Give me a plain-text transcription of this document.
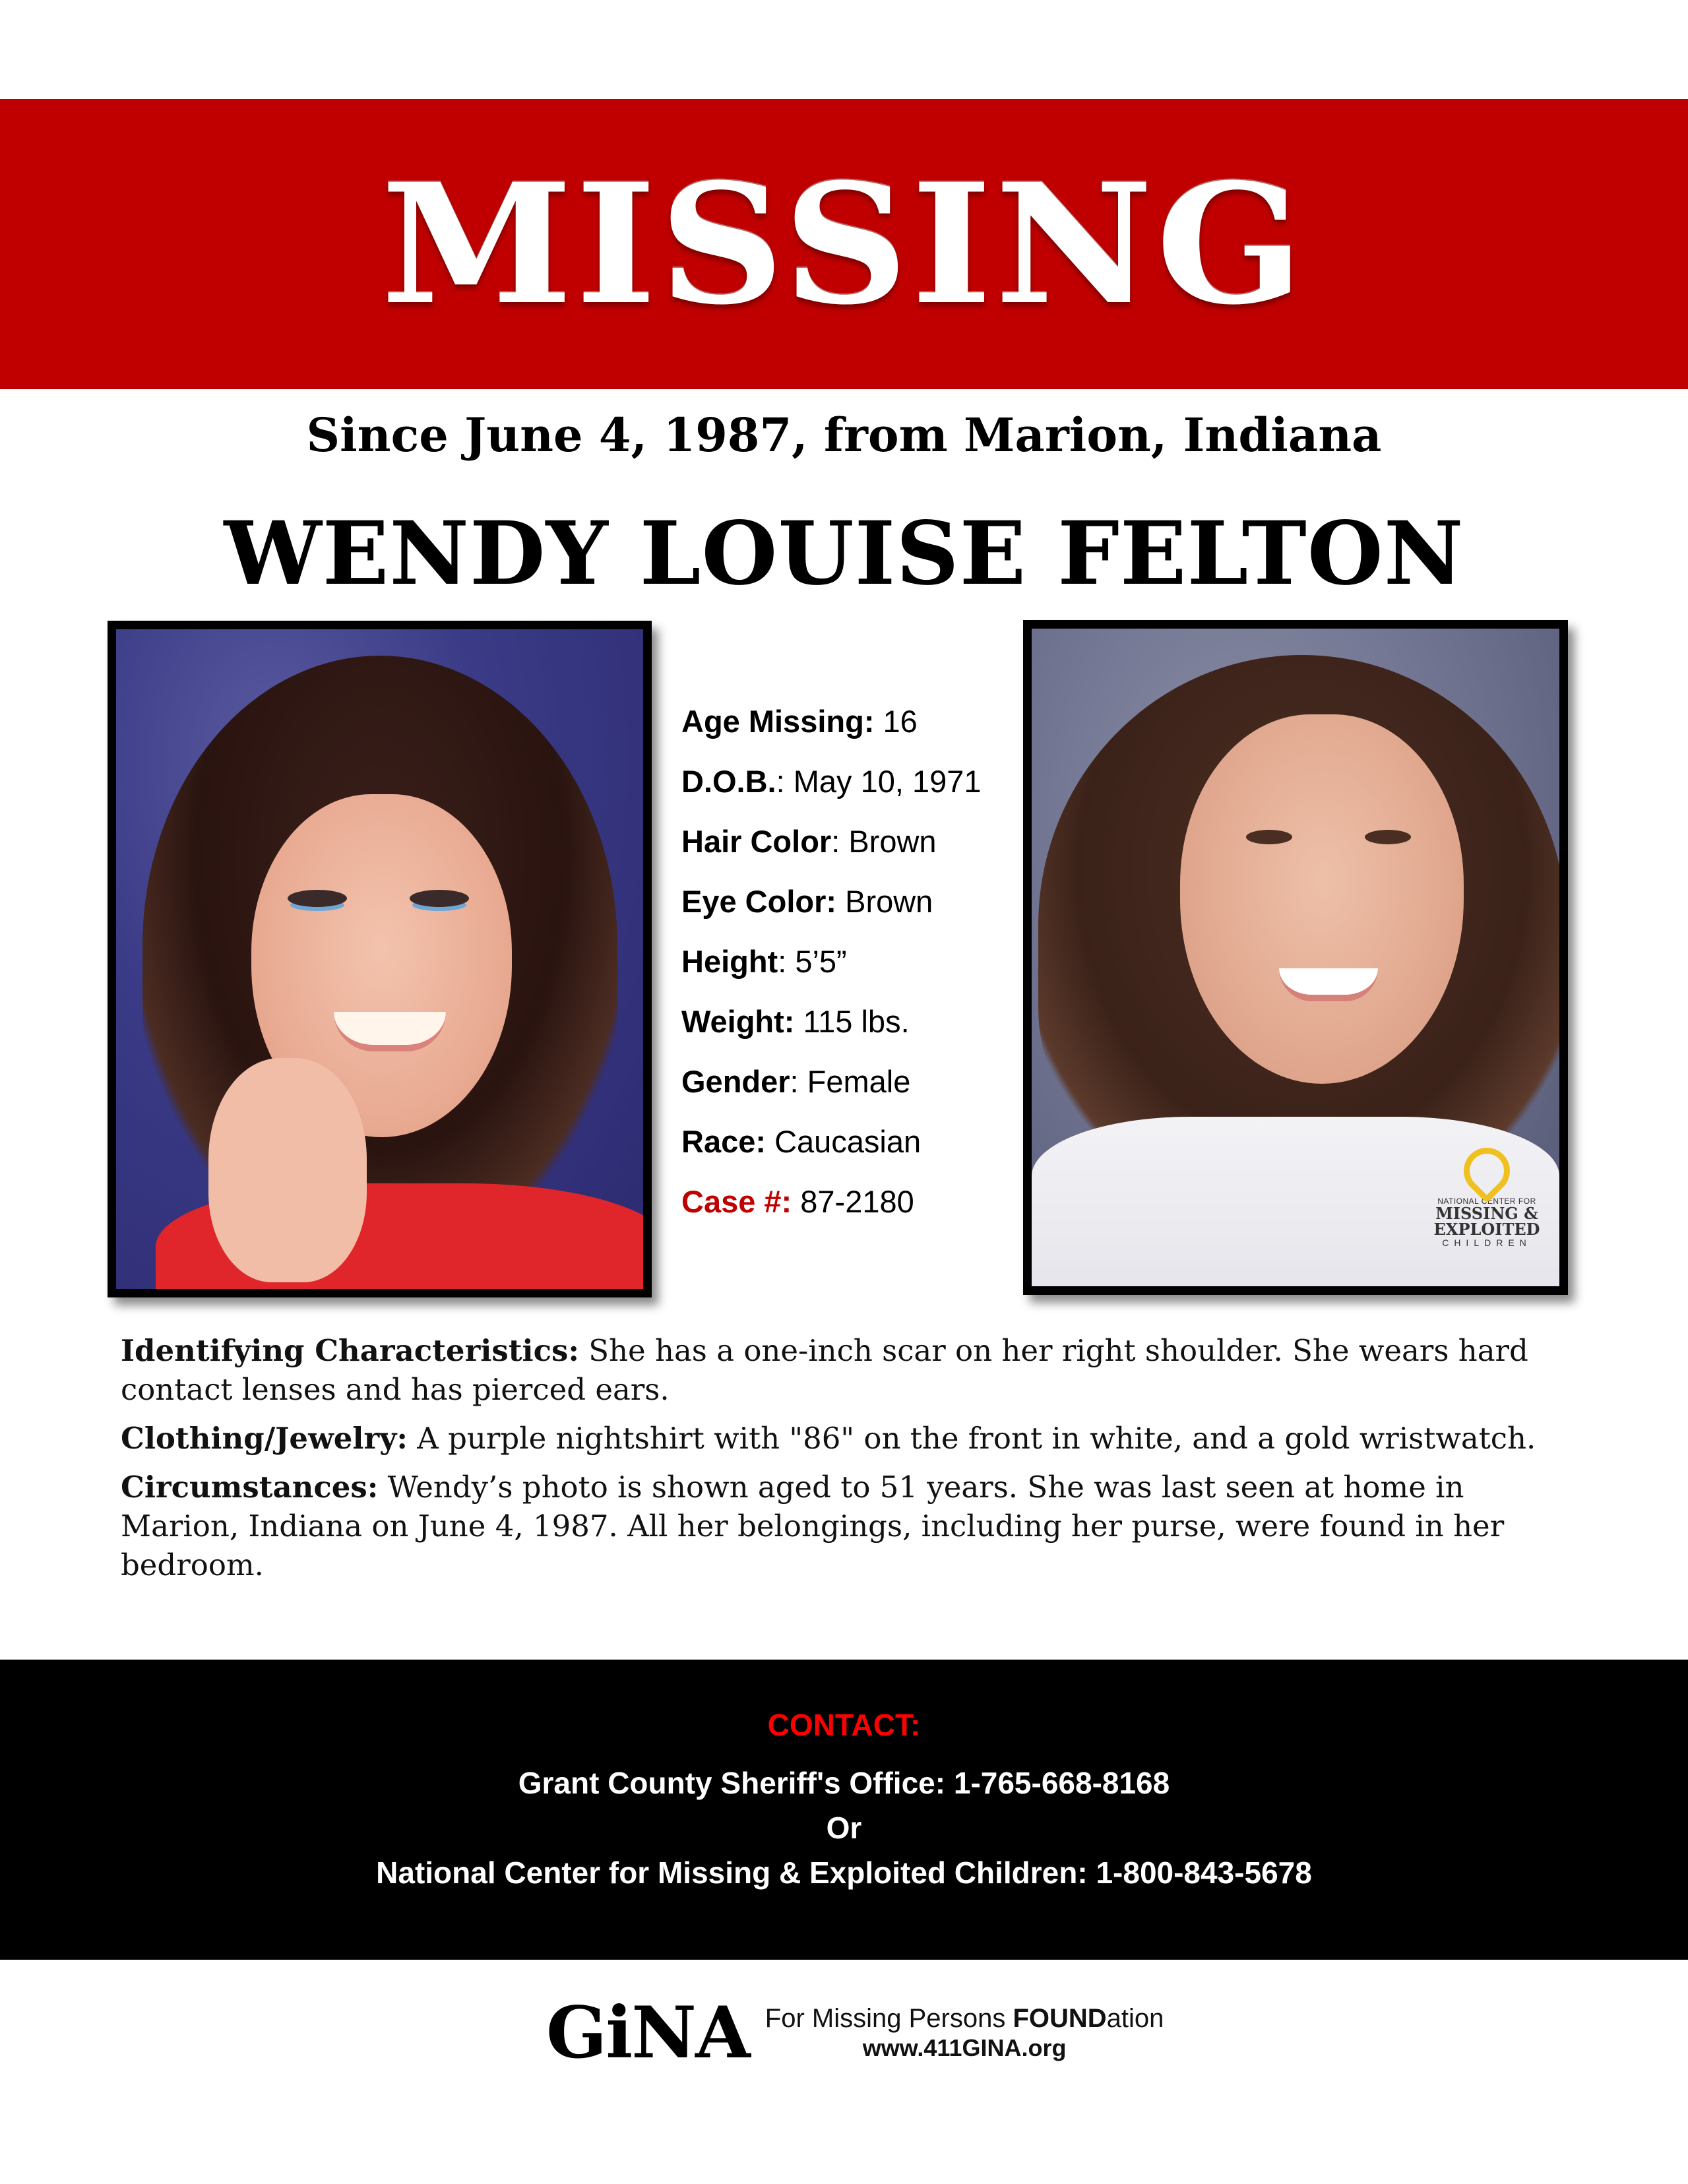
MISSING
Since June 4, 1987, from Marion, Indiana
WENDY LOUISE FELTON
Age Missing: 16
D.O.B.: May 10, 1971
Hair Color: Brown
Eye Color: Brown
Height: 5’5”
Weight: 115 lbs.
Gender: Female
Race: Caucasian
Case #: 87-2180	NATIONAL CENTER FOR
MISSING &
EXPLOITED
CHILDREN

Identifying Characteristics: She has a one-inch scar on her right shoulder. She wears hard contact lenses and has pierced ears.

Clothing/Jewelry: A purple nightshirt with "86" on the front in white, and a gold wristwatch.

Circumstances: Wendy’s photo is shown aged to 51 years. She was last seen at home in Marion, Indiana on June 4, 1987. All her belongings, including her purse, were found in her bedroom.

CONTACT:
Grant County Sheriff's Office: 1-765-668-8168
Or
National Center for Missing & Exploited Children: 1-800-843-5678
GiNA For Missing Persons FOUNDation
www.411GINA.org
